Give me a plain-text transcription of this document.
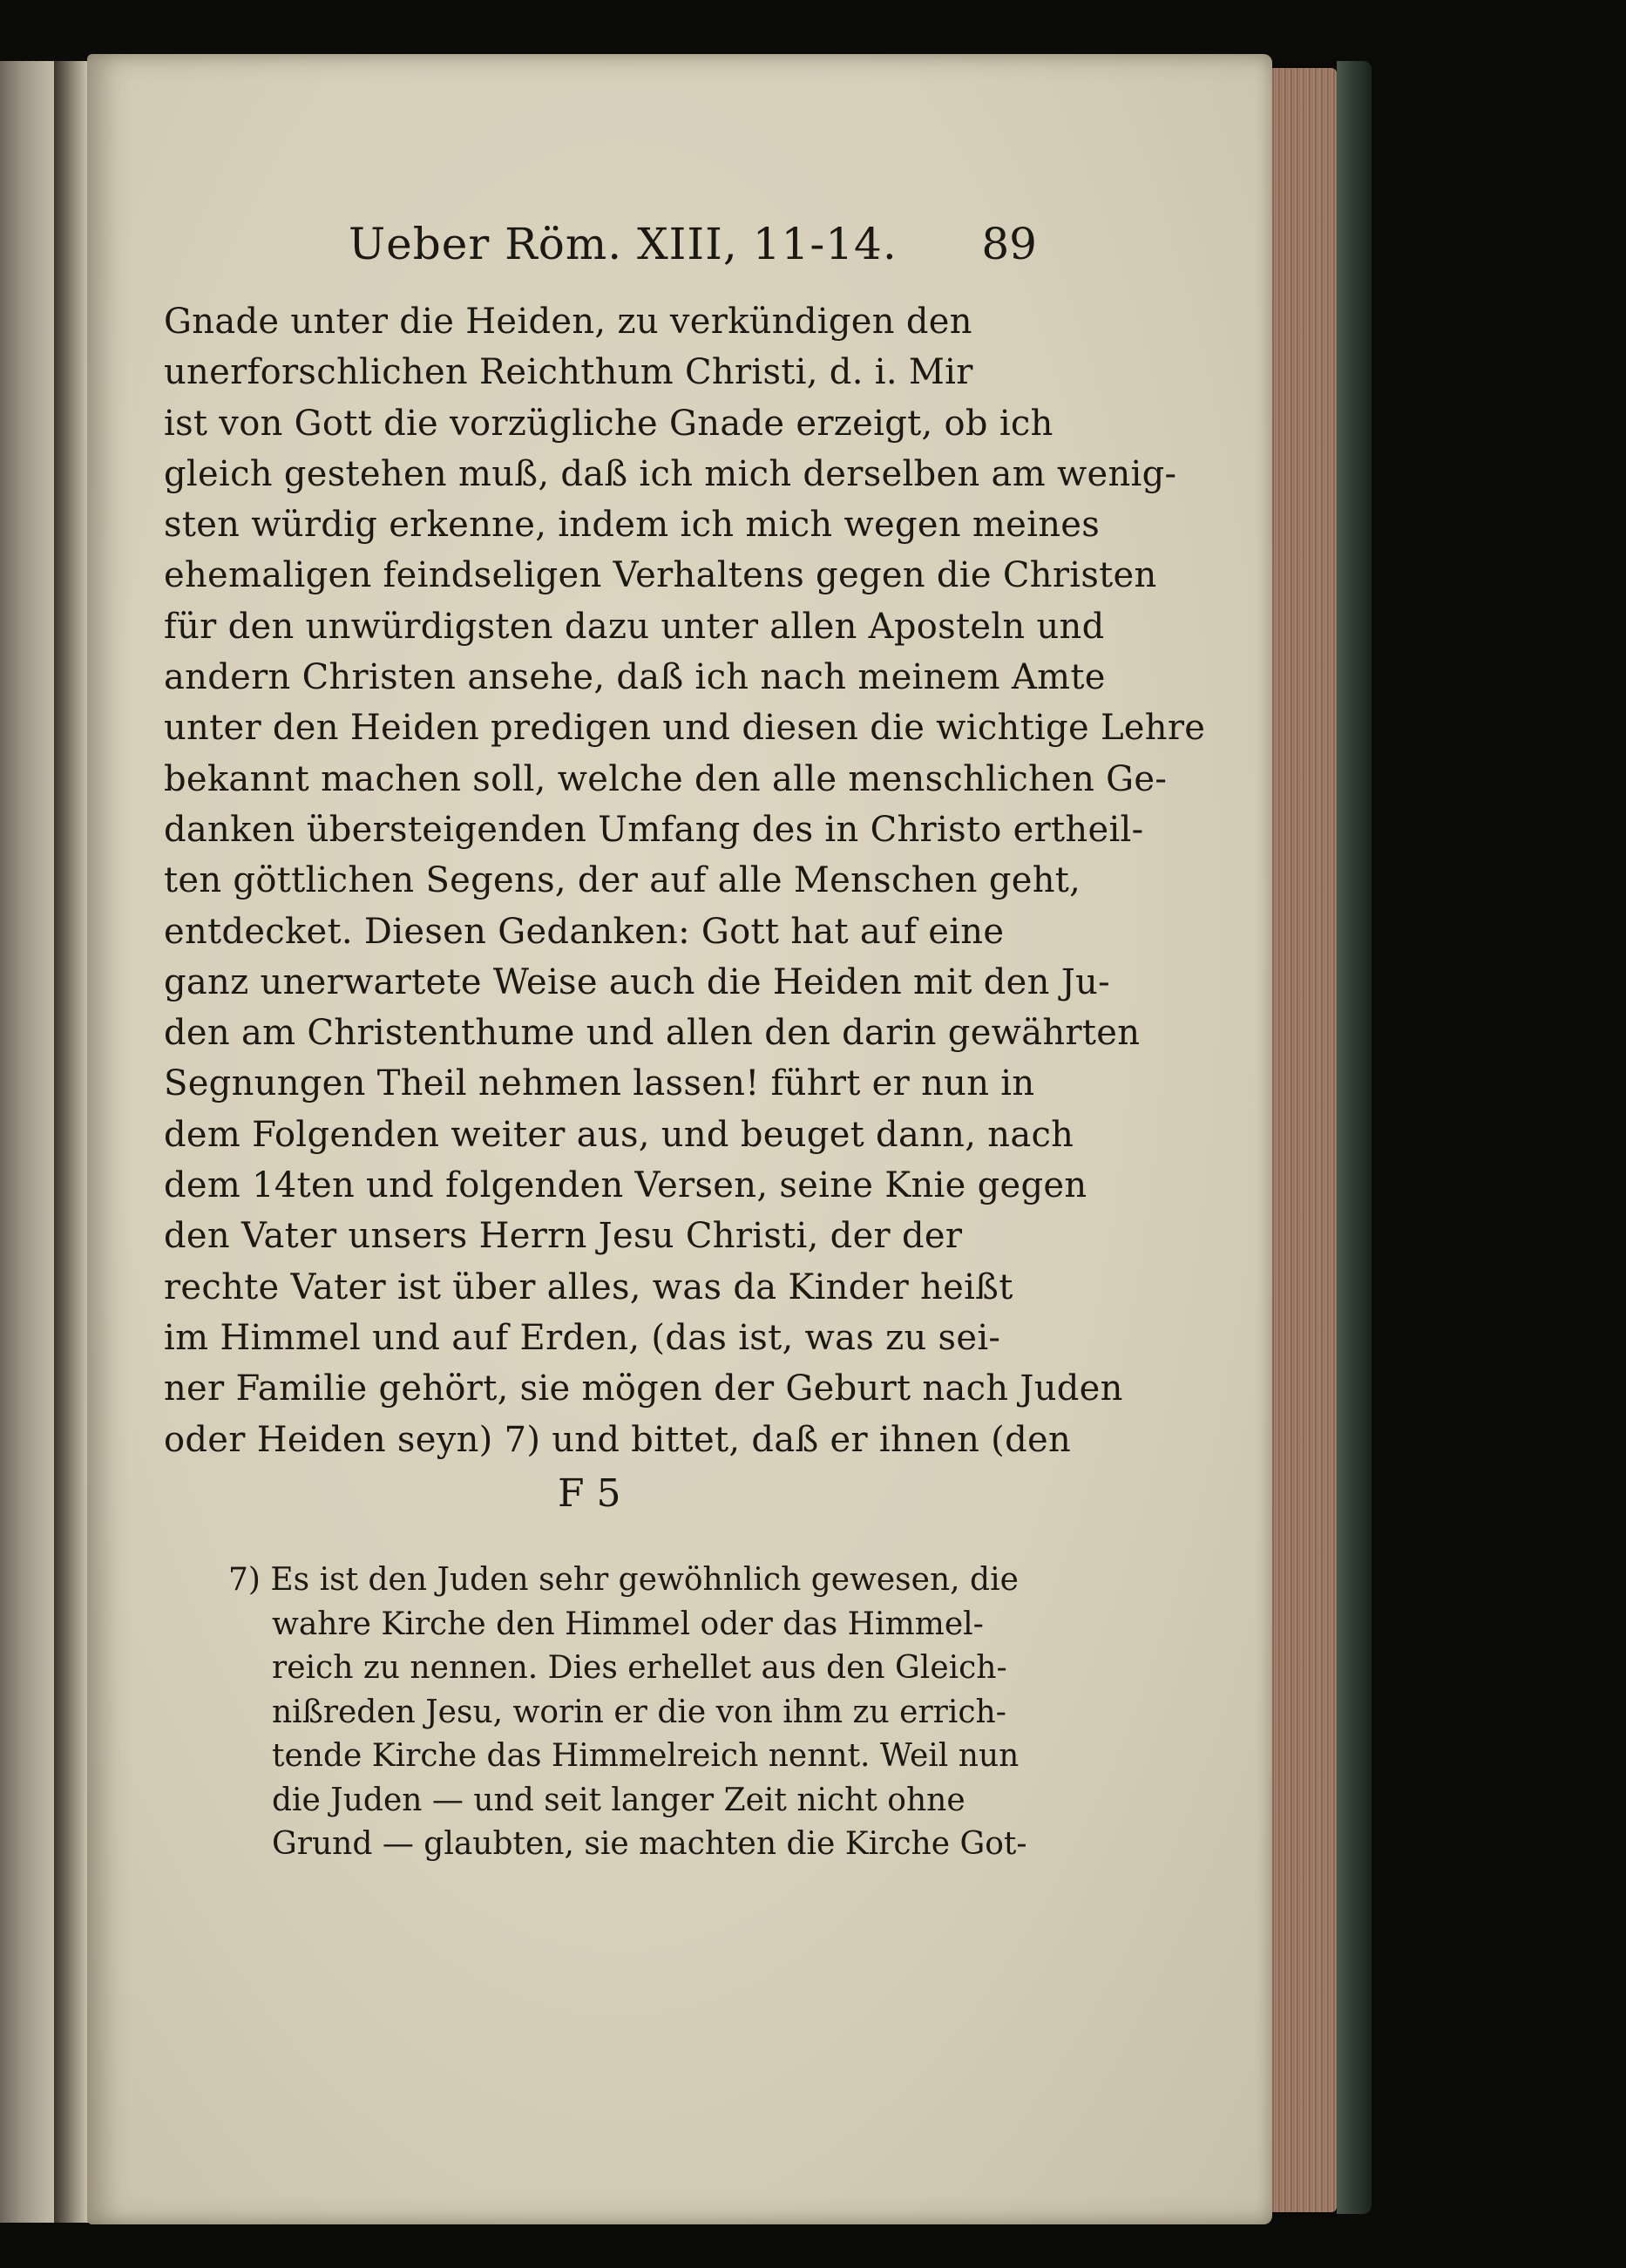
Ueber Röm. XIII, 11-14. 89
Gnade unter die Heiden, zu verkündigen den
unerforschlichen Reichthum Christi, d. i. Mir
ist von Gott die vorzügliche Gnade erzeigt, ob ich
gleich gestehen muß, daß ich mich derselben am wenig-
sten würdig erkenne, indem ich mich wegen meines
ehemaligen feindseligen Verhaltens gegen die Christen
für den unwürdigsten dazu unter allen Aposteln und
andern Christen ansehe, daß ich nach meinem Amte
unter den Heiden predigen und diesen die wichtige Lehre
bekannt machen soll, welche den alle menschlichen Ge-
danken übersteigenden Umfang des in Christo ertheil-
ten göttlichen Segens, der auf alle Menschen geht,
entdecket. Diesen Gedanken: Gott hat auf eine
ganz unerwartete Weise auch die Heiden mit den Ju-
den am Christenthume und allen den darin gewährten
Segnungen Theil nehmen lassen! führt er nun in
dem Folgenden weiter aus, und beuget dann, nach
dem 14ten und folgenden Versen, seine Knie gegen
den Vater unsers Herrn Jesu Christi, der der
rechte Vater ist über alles, was da Kinder heißt
im Himmel und auf Erden, (das ist, was zu sei-
ner Familie gehört, sie mögen der Geburt nach Juden
oder Heiden seyn) 7) und bittet, daß er ihnen (den
F 5
7) Es ist den Juden sehr gewöhnlich gewesen, die
wahre Kirche den Himmel oder das Himmel-
reich zu nennen. Dies erhellet aus den Gleich-
nißreden Jesu, worin er die von ihm zu errich-
tende Kirche das Himmelreich nennt. Weil nun
die Juden — und seit langer Zeit nicht ohne
Grund — glaubten, sie machten die Kirche Got-
